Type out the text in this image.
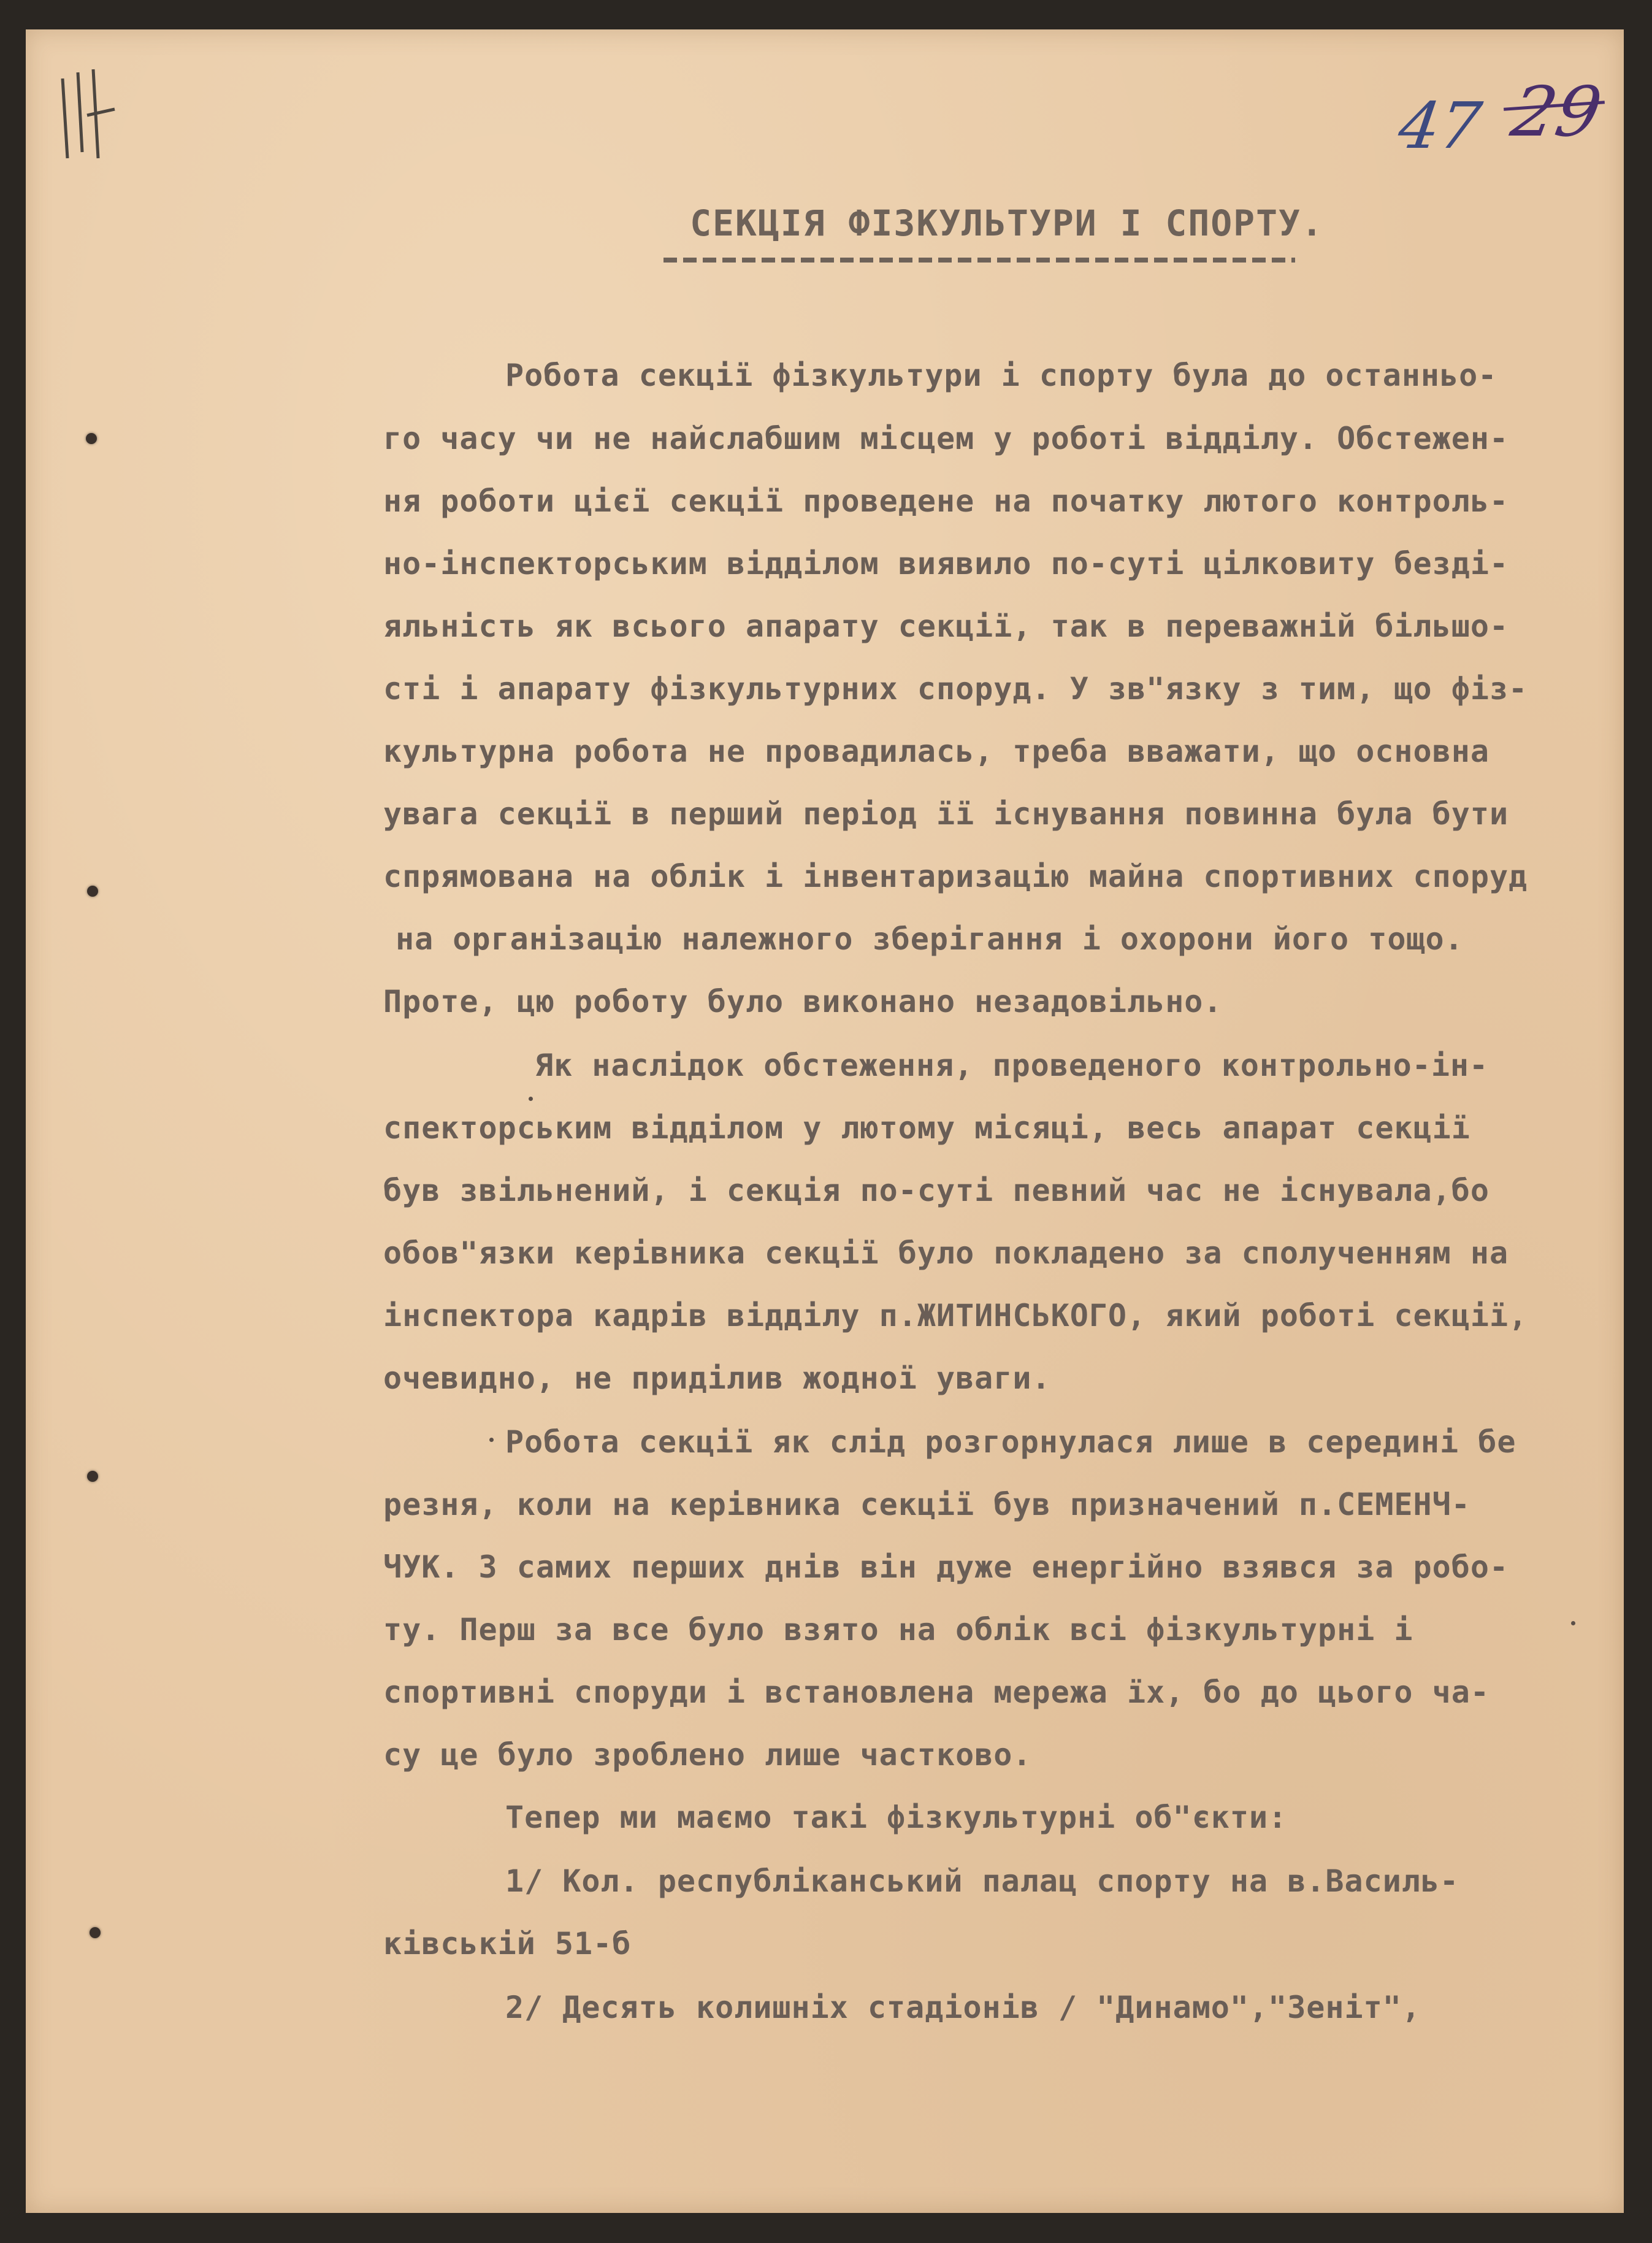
47 29
СЕКЦІЯ ФІЗКУЛЬТУРИ І СПОРТУ.
Робота секції фізкультури і спорту була до останньо-
го часу чи не найслабшим місцем у роботі відділу. Обстежен-
ня роботи цієї секції проведене на початку лютого контроль-
но-інспекторським відділом виявило по-суті цілковиту безді-
яльність як всього апарату секції, так в переважній більшо-
сті і апарату фізкультурних споруд. У зв"язку з тим, що фіз-
культурна робота не провадилась, треба вважати, що основна
увага секції в перший період її існування повинна була бути
спрямована на облік і інвентаризацію майна спортивних споруд
на організацію належного зберігання і охорони його тощо.
Проте, цю роботу було виконано незадовільно.
Як наслідок обстеження, проведеного контрольно-ін-
спекторським відділом у лютому місяці, весь апарат секції
був звільнений, і секція по-суті певний час не існувала,бо
обов"язки керівника секції було покладено за сполученням на
інспектора кадрів відділу п.ЖИТИНСЬКОГО, який роботі секції,
очевидно, не приділив жодної уваги.
Робота секції як слід розгорнулася лише в середині бе
резня, коли на керівника секції був призначений п.СЕМЕНЧ-
ЧУК. З самих перших днів він дуже енергійно взявся за робо-
ту. Перш за все було взято на облік всі фізкультурні і
спортивні споруди і встановлена мережа їх, бо до цього ча-
су це було зроблено лише частково.
Тепер ми маємо такі фізкультурні об"єкти:
1/ Кол. республіканський палац спорту на в.Василь-
ківській 51-б
2/ Десять колишніх стадіонів / "Динамо","Зеніт",
